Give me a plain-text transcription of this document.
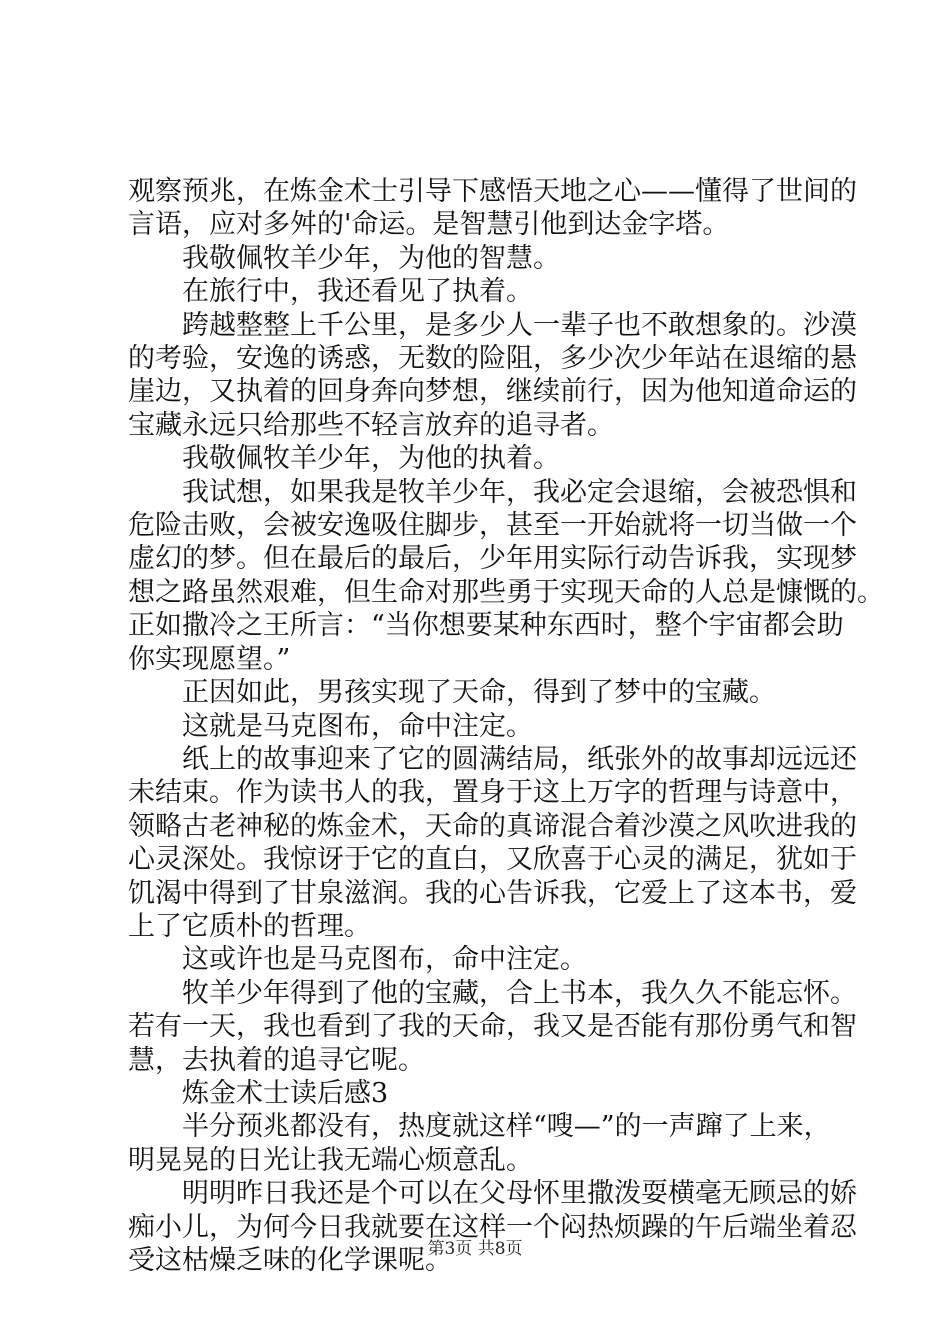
观察预兆，在炼金术士引导下感悟天地之心——懂得了世间的

言语，应对多舛的'命运。是智慧引他到达金字塔。

　　我敬佩牧羊少年，为他的智慧。

　　在旅行中，我还看见了执着。

　　跨越整整上千公里，是多少人一辈子也不敢想象的。沙漠

的考验，安逸的诱惑，无数的险阻，多少次少年站在退缩的悬

崖边，又执着的回身奔向梦想，继续前行，因为他知道命运的

宝藏永远只给那些不轻言放弃的追寻者。

　　我敬佩牧羊少年，为他的执着。

　　我试想，如果我是牧羊少年，我必定会退缩，会被恐惧和

危险击败，会被安逸吸住脚步，甚至一开始就将一切当做一个

虚幻的梦。但在最后的最后，少年用实际行动告诉我，实现梦

想之路虽然艰难，但生命对那些勇于实现天命的人总是慷慨的。

正如撒冷之王所言：“当你想要某种东西时，整个宇宙都会助

你实现愿望。”

　　正因如此，男孩实现了天命，得到了梦中的宝藏。

　　这就是马克图布，命中注定。

　　纸上的故事迎来了它的圆满结局，纸张外的故事却远远还

未结束。作为读书人的我，置身于这上万字的哲理与诗意中，

领略古老神秘的炼金术，天命的真谛混合着沙漠之风吹进我的

心灵深处。我惊讶于它的直白，又欣喜于心灵的满足，犹如于

饥渴中得到了甘泉滋润。我的心告诉我，它爱上了这本书，爱

上了它质朴的哲理。

　　这或许也是马克图布，命中注定。

　　牧羊少年得到了他的宝藏，合上书本，我久久不能忘怀。

若有一天，我也看到了我的天命，我又是否能有那份勇气和智

慧，去执着的追寻它呢。

　　炼金术士读后感3

　　半分预兆都没有，热度就这样“嗖—”的一声蹿了上来，

明晃晃的日光让我无端心烦意乱。

　　明明昨日我还是个可以在父母怀里撒泼耍横毫无顾忌的娇

痴小儿，为何今日我就要在这样一个闷热烦躁的午后端坐着忍

受这枯燥乏味的化学课呢。

第3页 共8页
